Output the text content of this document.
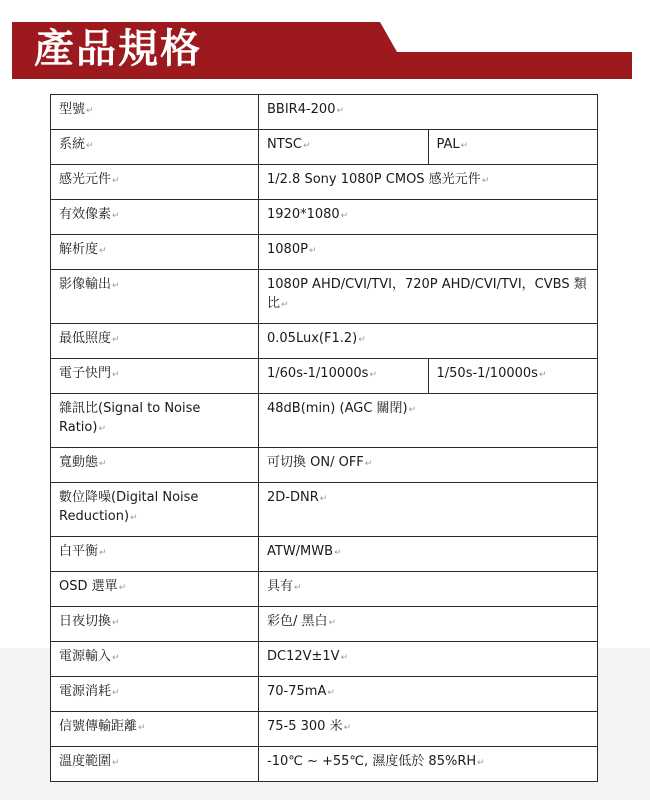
產品規格
型號↵	BBIR4-200↵	
系統↵	NTSC↵	PAL↵
感光元件↵	1/2.8 Sony 1080P CMOS 感光元件↵	
有效像素↵	1920*1080↵	
解析度↵	1080P↵	
影像輸出↵	1080P AHD/CVI/TVI，720P AHD/CVI/TVI，CVBS 類比↵	
最低照度↵	0.05Lux(F1.2)↵	
電子快門↵	1/60s-1/10000s↵	1/50s-1/10000s↵
雜訊比(Signal to Noise Ratio)↵	48dB(min) (AGC 關閉)↵	
寬動態↵	可切換 ON/ OFF↵	
數位降噪(Digital Noise Reduction)↵	2D-DNR↵	
白平衡↵	ATW/MWB↵	
OSD 選單↵	具有↵	
日夜切換↵	彩色/ 黑白↵	
電源輸入↵	DC12V±1V↵	
電源消耗↵	70-75mA↵	
信號傳輸距離↵	75-5 300 米↵	
溫度範圍↵	-10℃ ~ +55℃, 濕度低於 85%RH↵	
